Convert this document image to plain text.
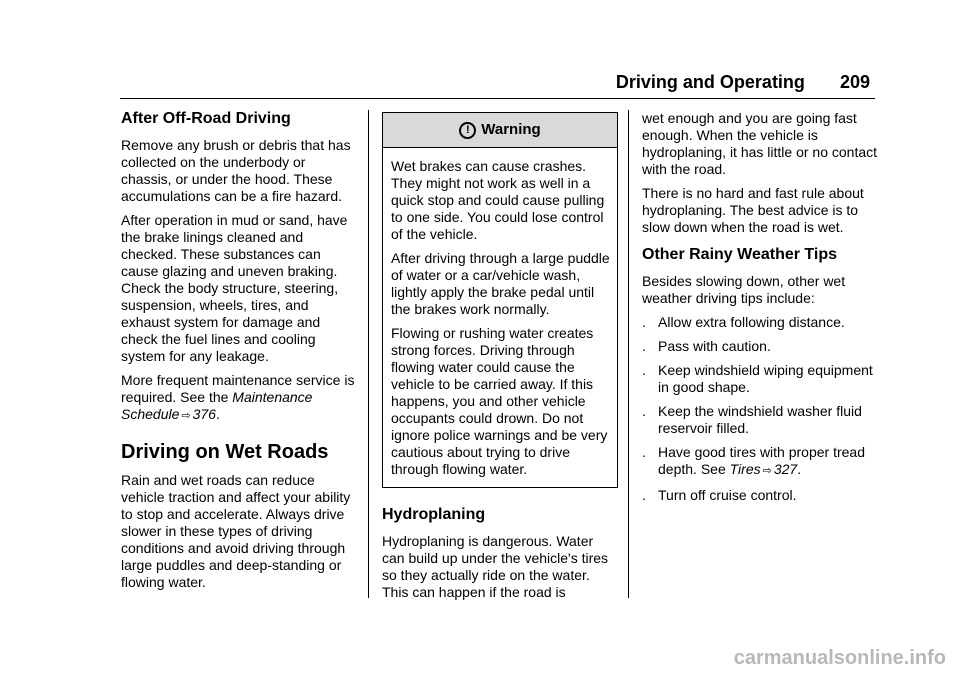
Driving and Operating 209
After Off-Road Driving

Remove any brush or debris that has collected on the underbody or chassis, or under the hood. These accumulations can be a fire hazard.

After operation in mud or sand, have the brake linings cleaned and checked. These substances can cause glazing and uneven braking. Check the body structure, steering, suspension, wheels, tires, and exhaust system for damage and check the fuel lines and cooling system for any leakage.

More frequent maintenance service is required. See the Maintenance Schedule ⇨ 376.

Driving on Wet Roads

Rain and wet roads can reduce vehicle traction and affect your ability to stop and accelerate. Always drive slower in these types of driving conditions and avoid driving through large puddles and deep-standing or flowing water.

! Warning

Wet brakes can cause crashes. They might not work as well in a quick stop and could cause pulling to one side. You could lose control of the vehicle.

After driving through a large puddle of water or a car/vehicle wash, lightly apply the brake pedal until the brakes work normally.

Flowing or rushing water creates strong forces. Driving through flowing water could cause the vehicle to be carried away. If this happens, you and other vehicle occupants could drown. Do not ignore police warnings and be very cautious about trying to drive through flowing water.

Hydroplaning

Hydroplaning is dangerous. Water can build up under the vehicle's tires so they actually ride on the water. This can happen if the road is

wet enough and you are going fast enough. When the vehicle is hydroplaning, it has little or no contact with the road.

There is no hard and fast rule about hydroplaning. The best advice is to slow down when the road is wet.

Other Rainy Weather Tips

Besides slowing down, other wet weather driving tips include:

. Allow extra following distance.
. Pass with caution.
. Keep windshield wiping equipment in good shape.
. Keep the windshield washer fluid reservoir filled.
. Have good tires with proper tread depth. See Tires ⇨ 327.
. Turn off cruise control.
carmanualsonline.info
